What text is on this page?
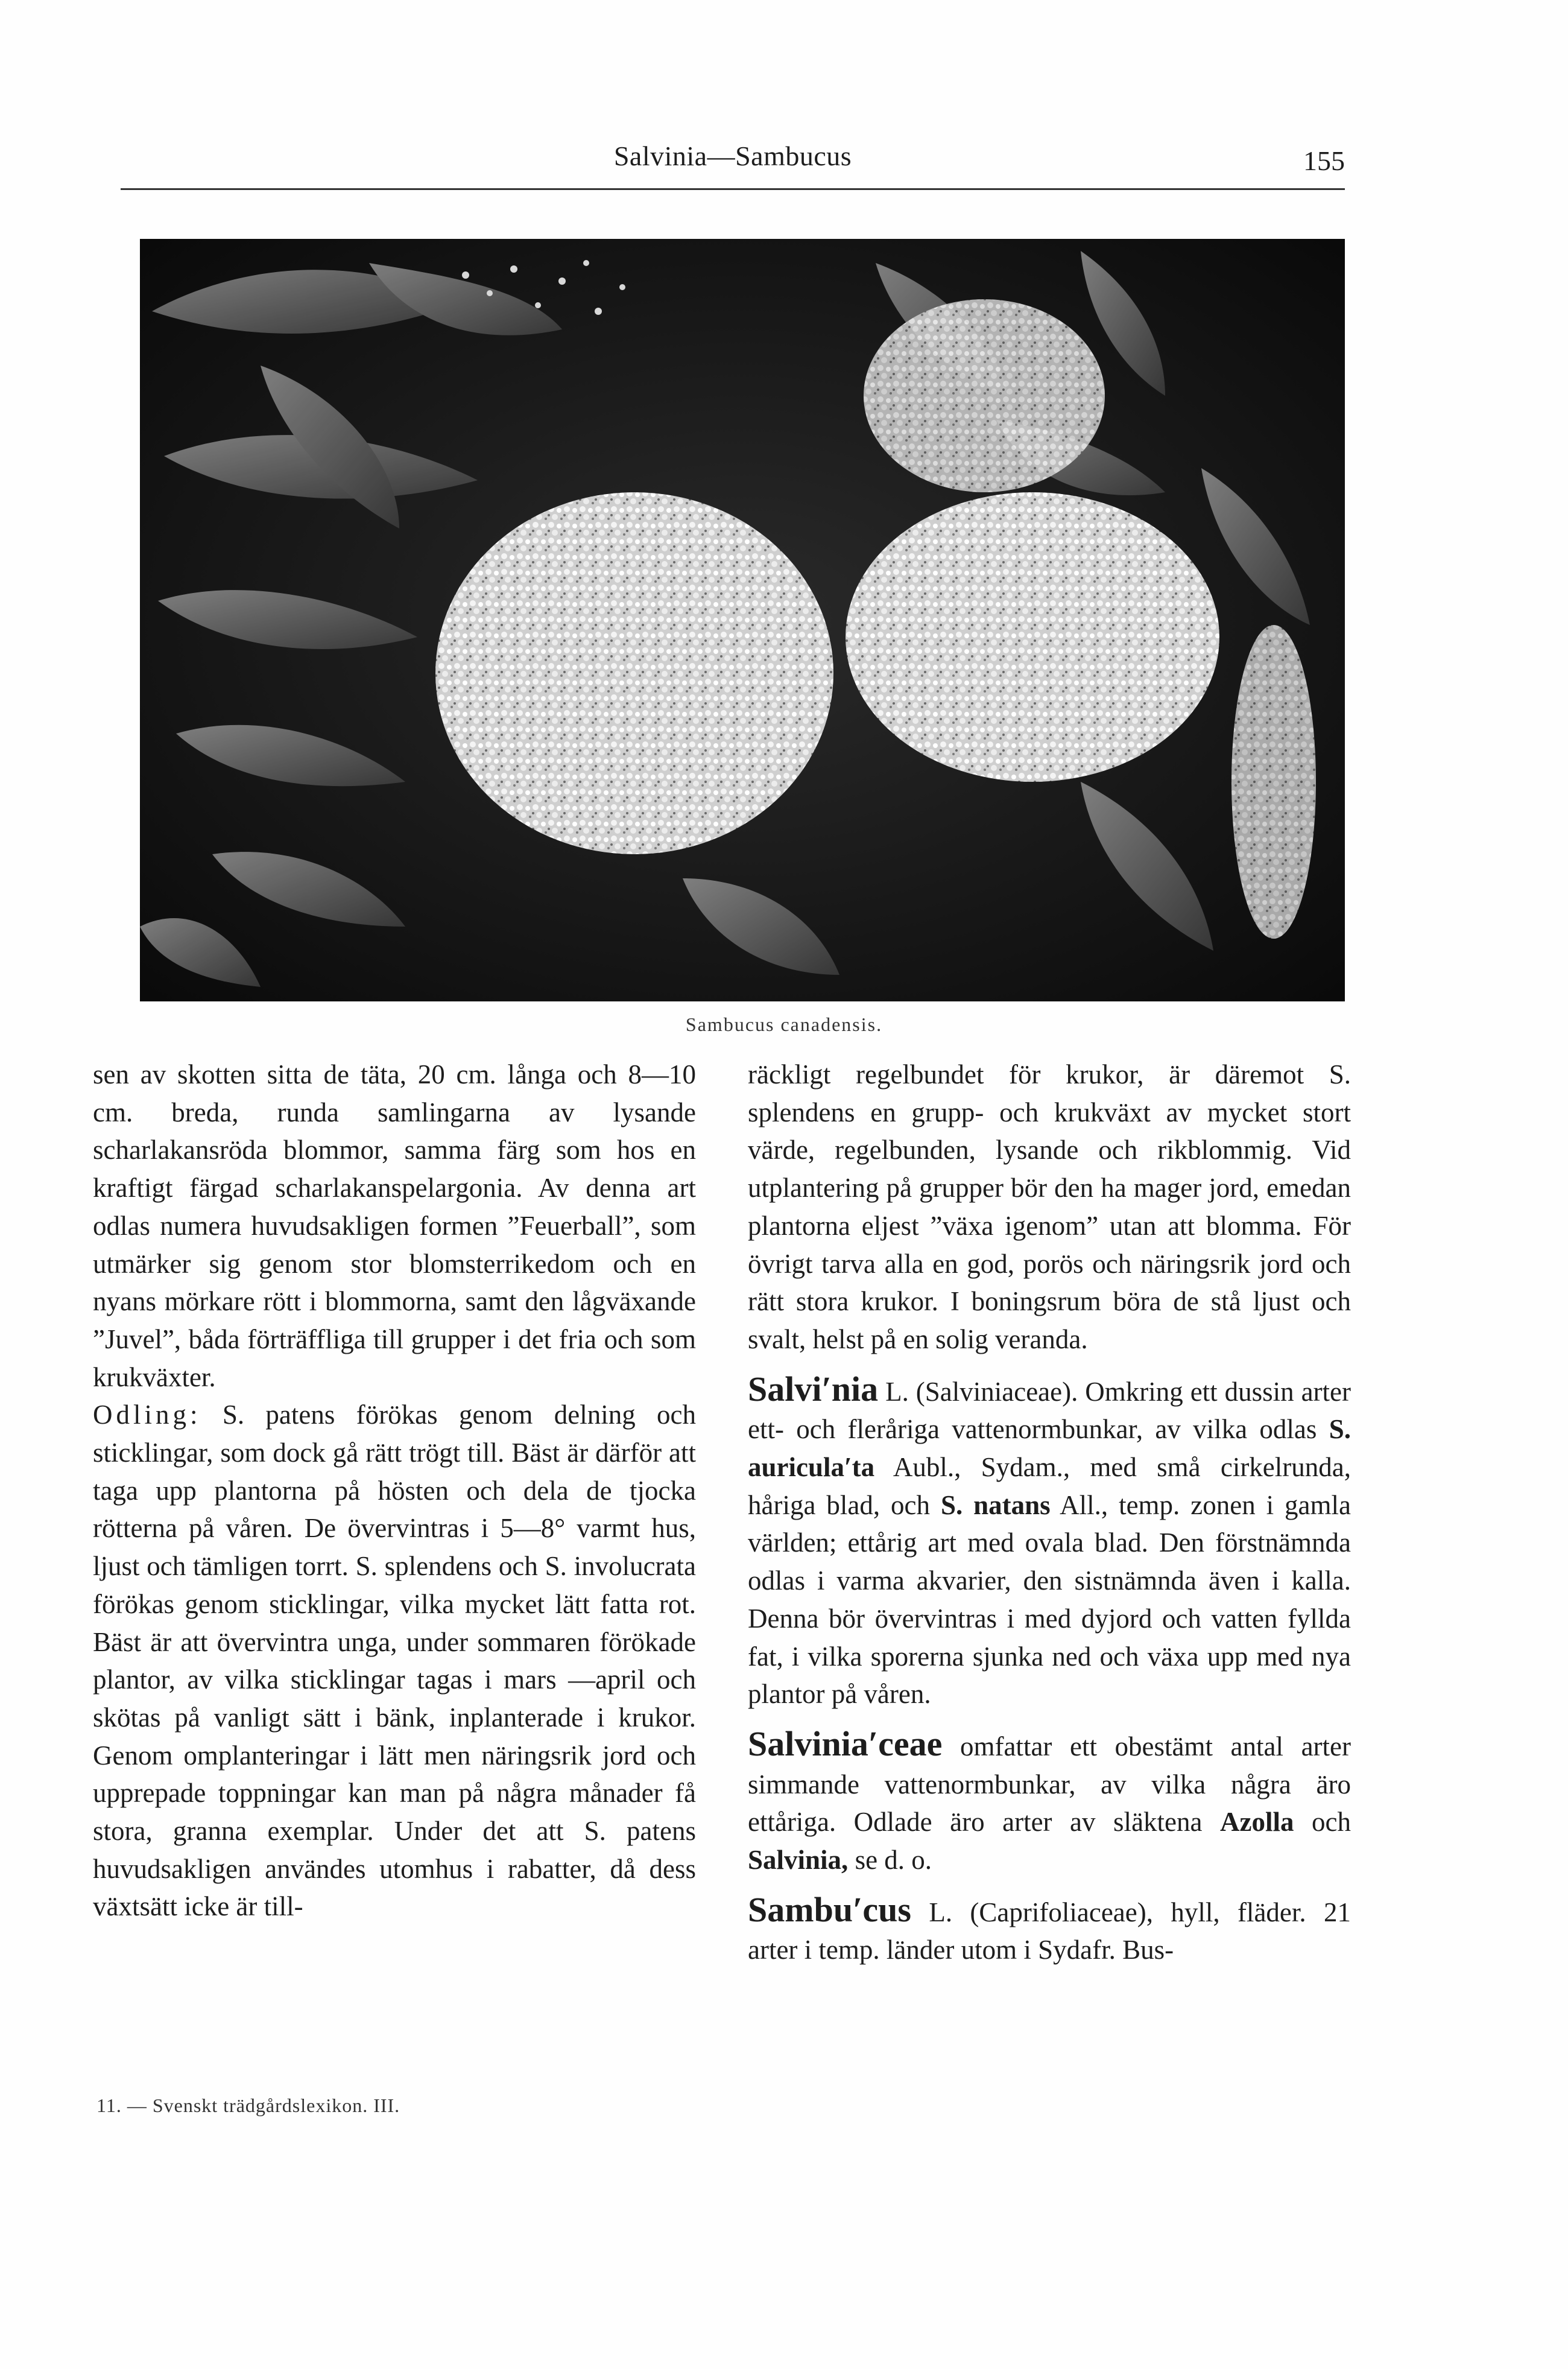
Salvinia—Sambucus	155
Sambucus canadensis.

sen av skotten sitta de täta, 20 cm. långa och 8—10 cm. breda, runda samlingarna av lysande scharlakansröda blommor, samma färg som hos en kraftigt färgad scharlakanspelargonia. Av denna art odlas numera huvudsakligen formen ”Feuerball”, som utmärker sig genom stor blomsterrikedom och en nyans mörkare rött i blommorna, samt den lågväxande ”Juvel”, båda förträffliga till grupper i det fria och som krukväxter.

Odling: S. patens förökas genom delning och sticklingar, som dock gå rätt trögt till. Bäst är därför att taga upp plantorna på hösten och dela de tjocka rötterna på våren. De övervintras i 5—8° varmt hus, ljust och tämligen torrt. S. splendens och S. involucrata förökas genom sticklingar, vilka mycket lätt fatta rot. Bäst är att övervintra unga, under sommaren förökade plantor, av vilka sticklingar tagas i mars —april och skötas på vanligt sätt i bänk, inplanterade i krukor. Genom omplanteringar i lätt men näringsrik jord och upprepade toppningar kan man på några månader få stora, granna exemplar. Under det att S. patens huvudsakligen användes utomhus i rabatter, då dess växtsätt icke är till-

räckligt regelbundet för krukor, är däremot S. splendens en grupp- och krukväxt av mycket stort värde, regelbunden, lysande och rikblommig. Vid utplantering på grupper bör den ha mager jord, emedan plantorna eljest ”växa igenom” utan att blomma. För övrigt tarva alla en god, porös och näringsrik jord och rätt stora krukor. I boningsrum böra de stå ljust och svalt, helst på en solig veranda.

Salvi′nia L. (Salviniaceae). Omkring ett dussin arter ett- och fleråriga vattenormbunkar, av vilka odlas S. auricula′ta Aubl., Sydam., med små cirkelrunda, håriga blad, och S. natans All., temp. zonen i gamla världen; ettårig art med ovala blad. Den förstnämnda odlas i varma akvarier, den sistnämnda även i kalla. Denna bör övervintras i med dyjord och vatten fyllda fat, i vilka sporerna sjunka ned och växa upp med nya plantor på våren.

Salvinia′ceae omfattar ett obestämt antal arter simmande vattenormbunkar, av vilka några äro ettåriga. Odlade äro arter av släktena Azolla och Salvinia, se d. o.

Sambu′cus L. (Caprifoliaceae), hyll, fläder. 21 arter i temp. länder utom i Sydafr. Bus-

11. — Svenskt trädgårdslexikon. III.
